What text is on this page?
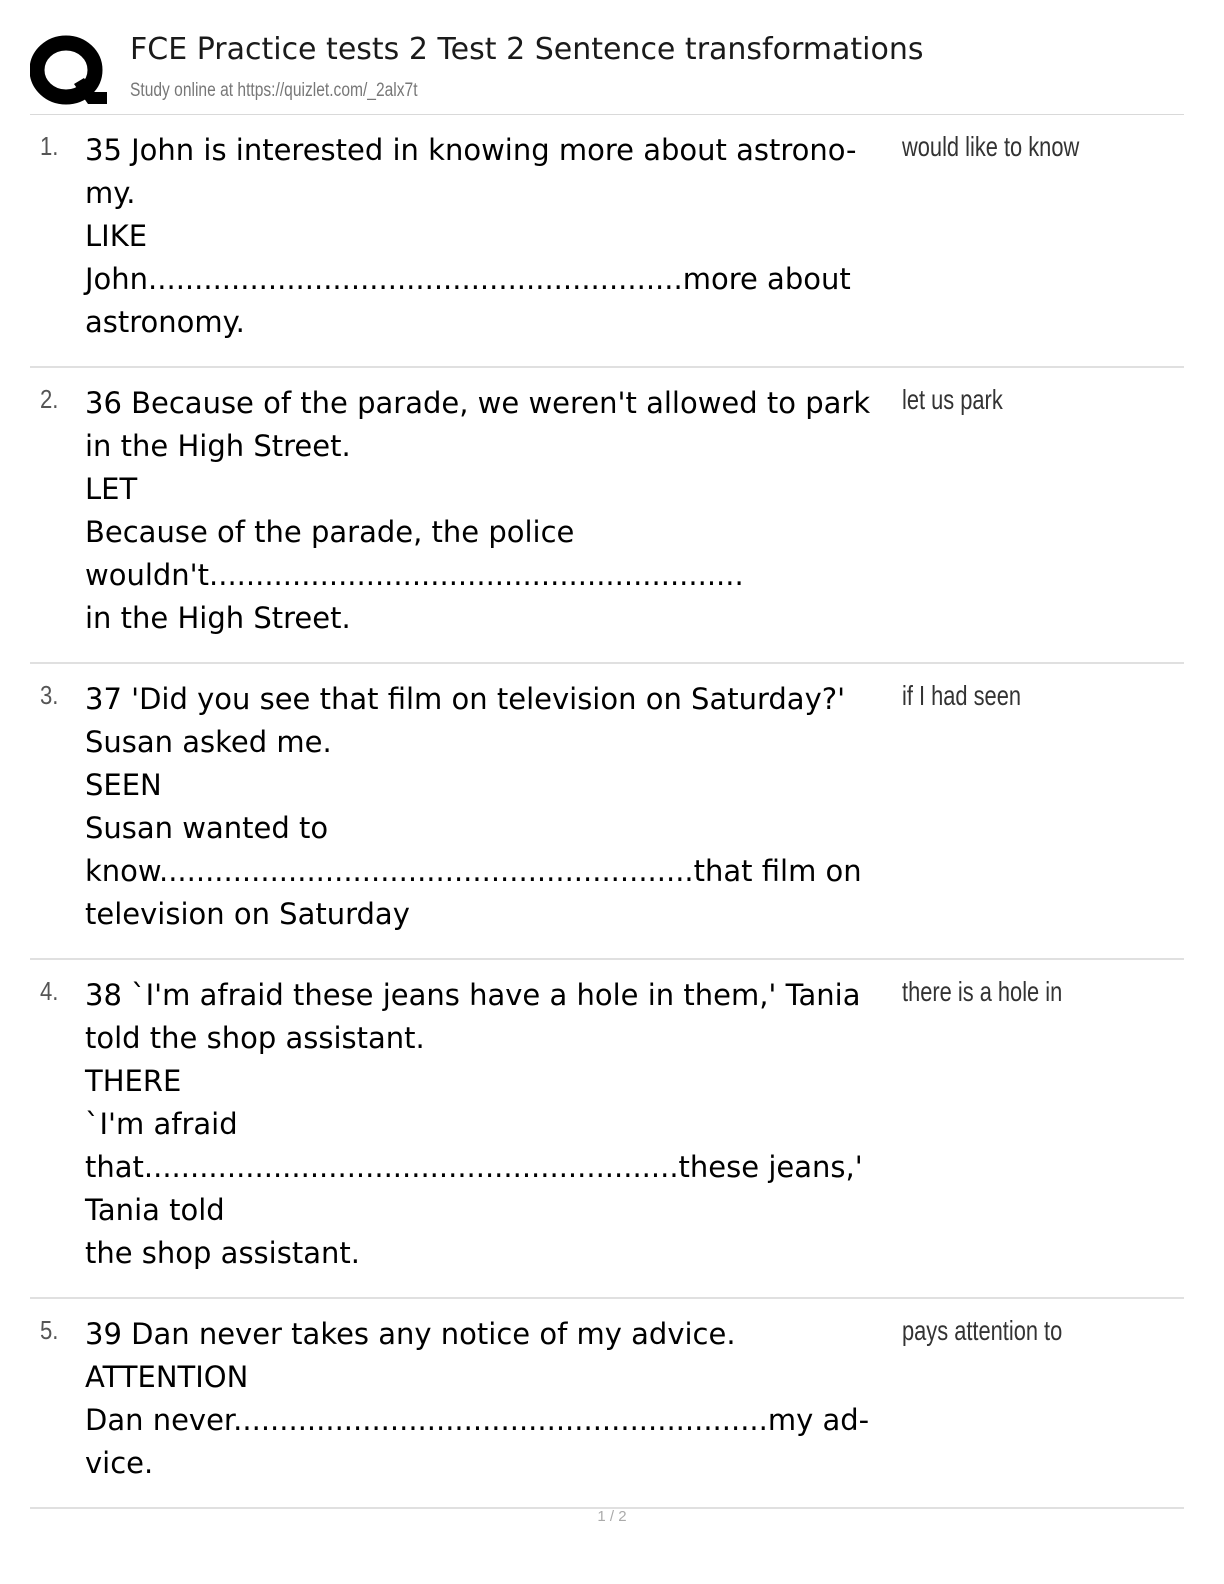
FCE Practice tests 2 Test 2 Sentence transformations
Study online at https://quizlet.com/_2alx7t
1. 35 John is interested in knowing more about astrono-
my.
LIKE
John..........................................................more about
astronomy.
would like to know
2. 36 Because of the parade, we weren't allowed to park
in the High Street.
LET
Because of the parade, the police
wouldn't..........................................................
in the High Street.
let us park
3. 37 'Did you see that film on television on Saturday?'
Susan asked me.
SEEN
Susan wanted to
know..........................................................that film on
television on Saturday
if I had seen
4. 38 `I'm afraid these jeans have a hole in them,' Tania
told the shop assistant.
THERE
`I'm afraid
that..........................................................these jeans,'
Tania told
the shop assistant.
there is a hole in
5. 39 Dan never takes any notice of my advice.
ATTENTION
Dan never..........................................................my ad-
vice.
pays attention to
1 / 2
